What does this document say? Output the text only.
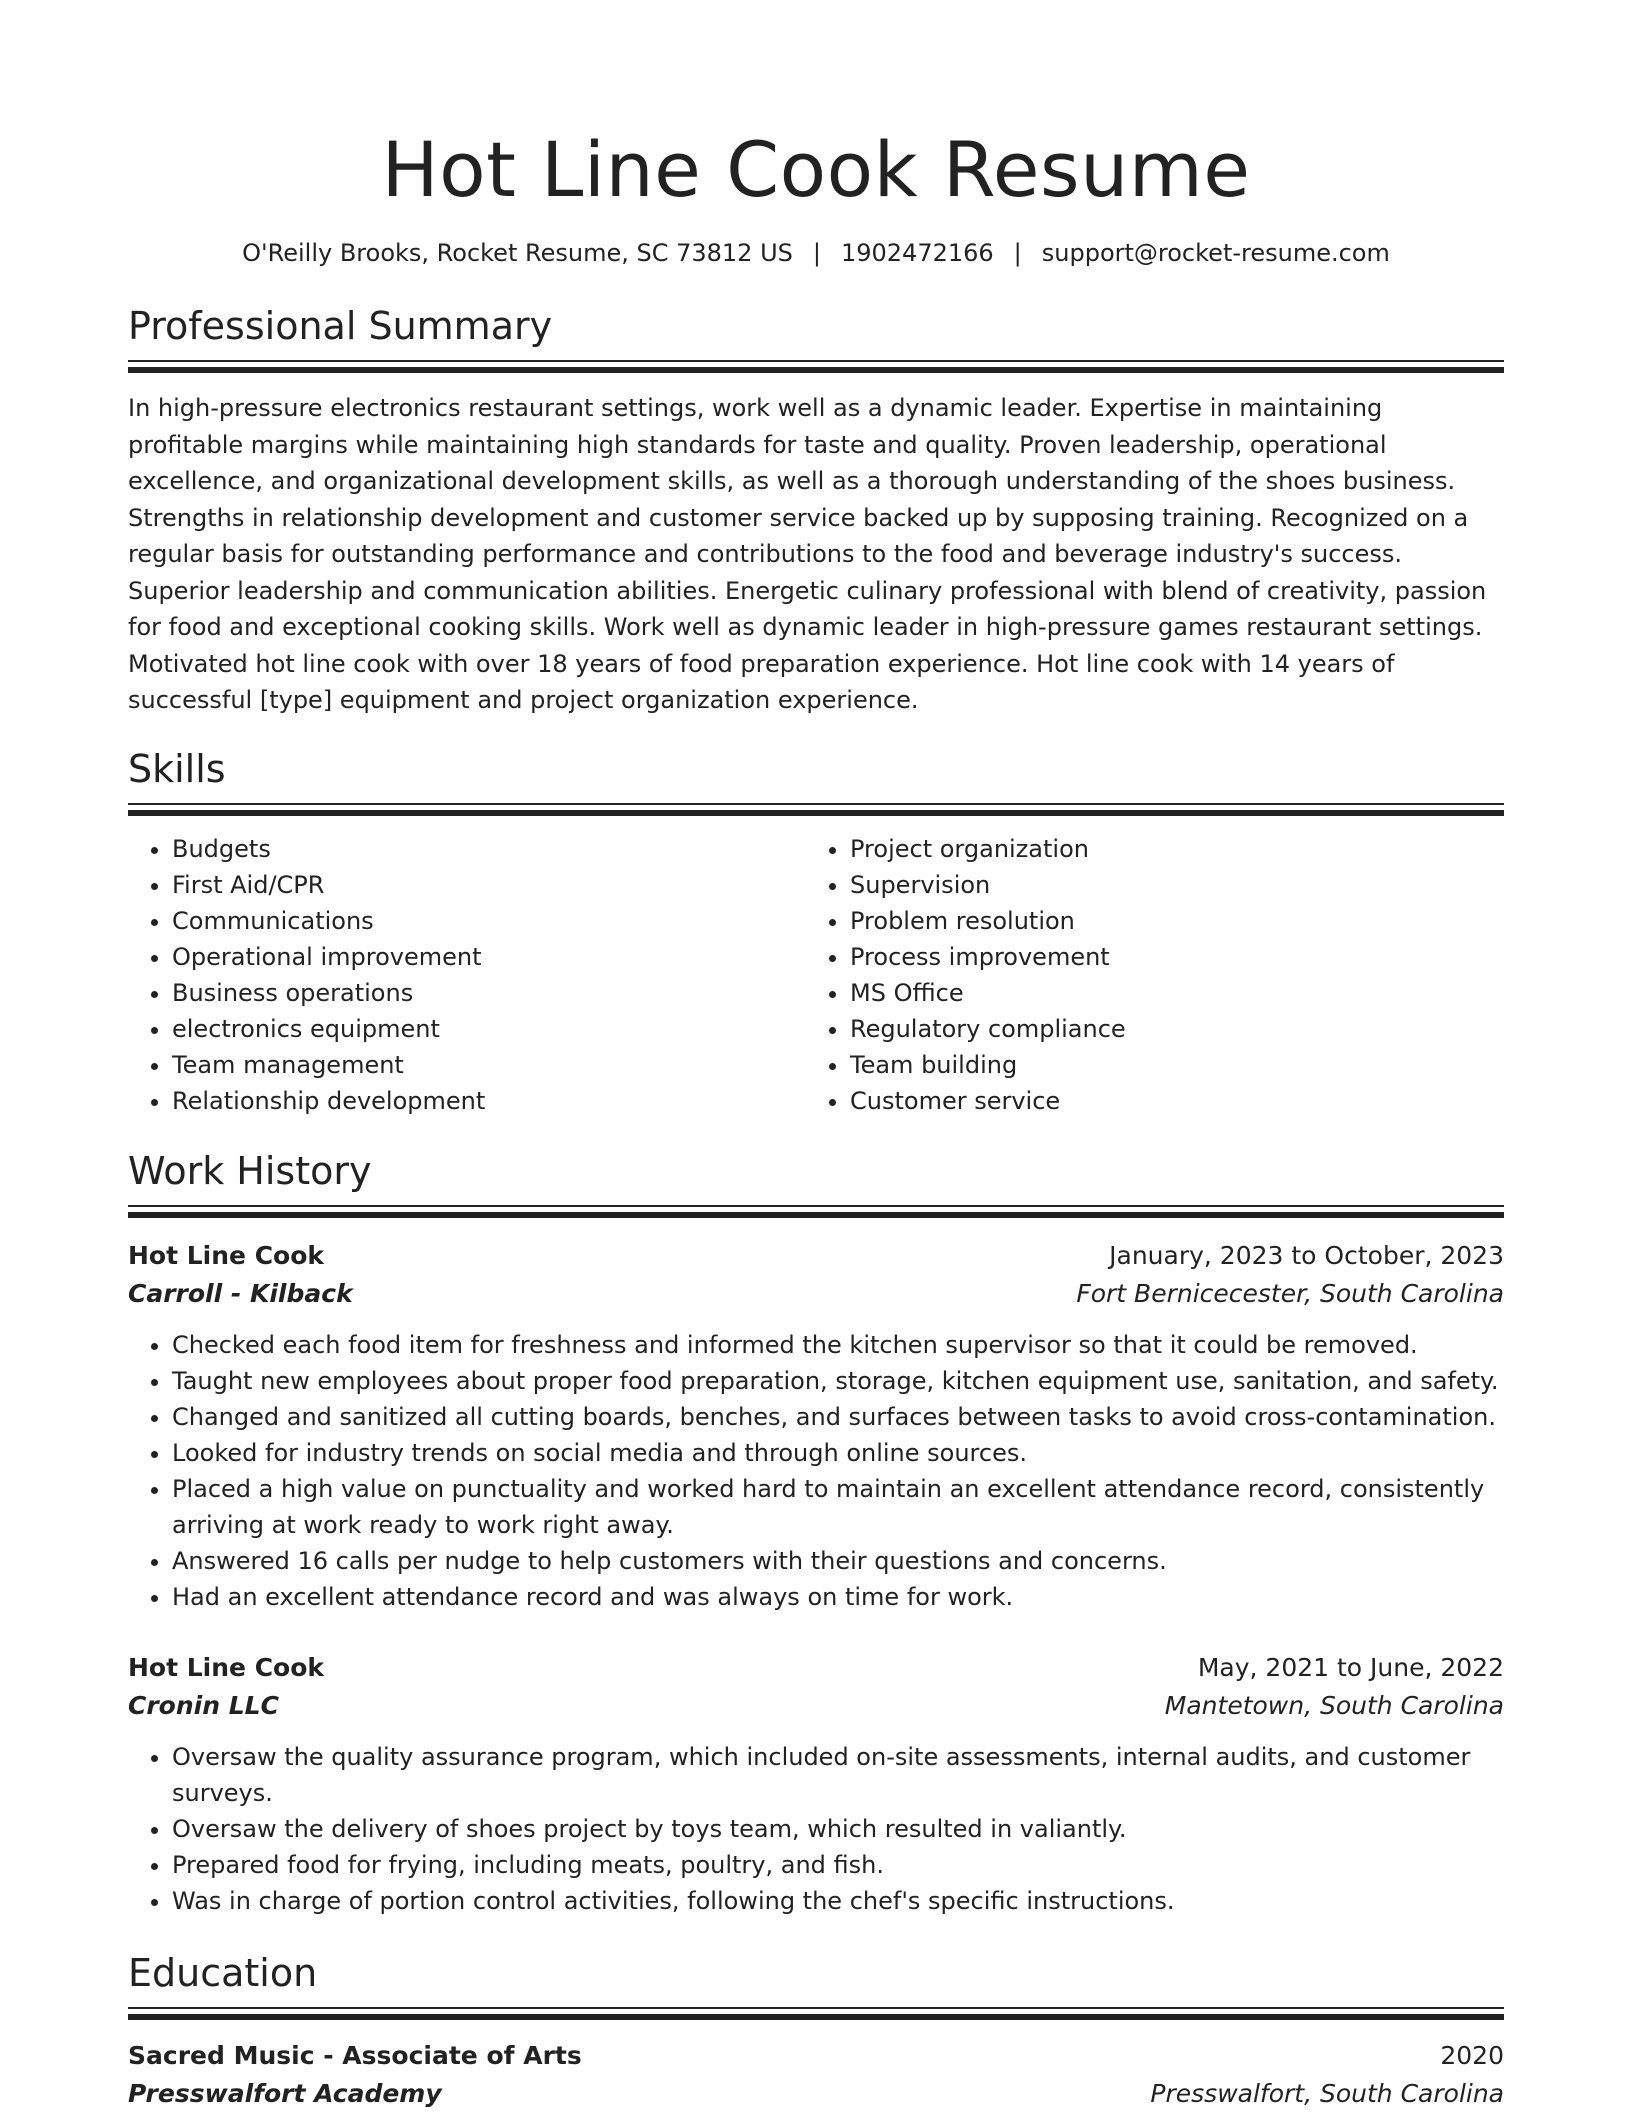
Hot Line Cook Resume
O'Reilly Brooks, Rocket Resume, SC 73812 US | 1902472166 | support@rocket-resume.com
Professional Summary
In high-pressure electronics restaurant settings, work well as a dynamic leader. Expertise in maintaining profitable margins while maintaining high standards for taste and quality. Proven leadership, operational excellence, and organizational development skills, as well as a thorough understanding of the shoes business. Strengths in relationship development and customer service backed up by supposing training. Recognized on a regular basis for outstanding performance and contributions to the food and beverage industry's success. Superior leadership and communication abilities. Energetic culinary professional with blend of creativity, passion for food and exceptional cooking skills. Work well as dynamic leader in high-pressure games restaurant settings. Motivated hot line cook with over 18 years of food preparation experience. Hot line cook with 14 years of successful [type] equipment and project organization experience.
Skills
• Budgets
• First Aid/CPR
• Communications
• Operational improvement
• Business operations
• electronics equipment
• Team management
• Relationship development
• Project organization
• Supervision
• Problem resolution
• Process improvement
• MS Office
• Regulatory compliance
• Team building
• Customer service
Work History
Hot Line Cook	January, 2023 to October, 2023
Carroll - Kilback	Fort Bernicecester, South Carolina
• Checked each food item for freshness and informed the kitchen supervisor so that it could be removed.
• Taught new employees about proper food preparation, storage, kitchen equipment use, sanitation, and safety.
• Changed and sanitized all cutting boards, benches, and surfaces between tasks to avoid cross-contamination.
• Looked for industry trends on social media and through online sources.
• Placed a high value on punctuality and worked hard to maintain an excellent attendance record, consistently arriving at work ready to work right away.
• Answered 16 calls per nudge to help customers with their questions and concerns.
• Had an excellent attendance record and was always on time for work.
Hot Line Cook	May, 2021 to June, 2022
Cronin LLC	Mantetown, South Carolina
• Oversaw the quality assurance program, which included on-site assessments, internal audits, and customer surveys.
• Oversaw the delivery of shoes project by toys team, which resulted in valiantly.
• Prepared food for frying, including meats, poultry, and fish.
• Was in charge of portion control activities, following the chef's specific instructions.
Education
Sacred Music - Associate of Arts	2020
Presswalfort Academy	Presswalfort, South Carolina
